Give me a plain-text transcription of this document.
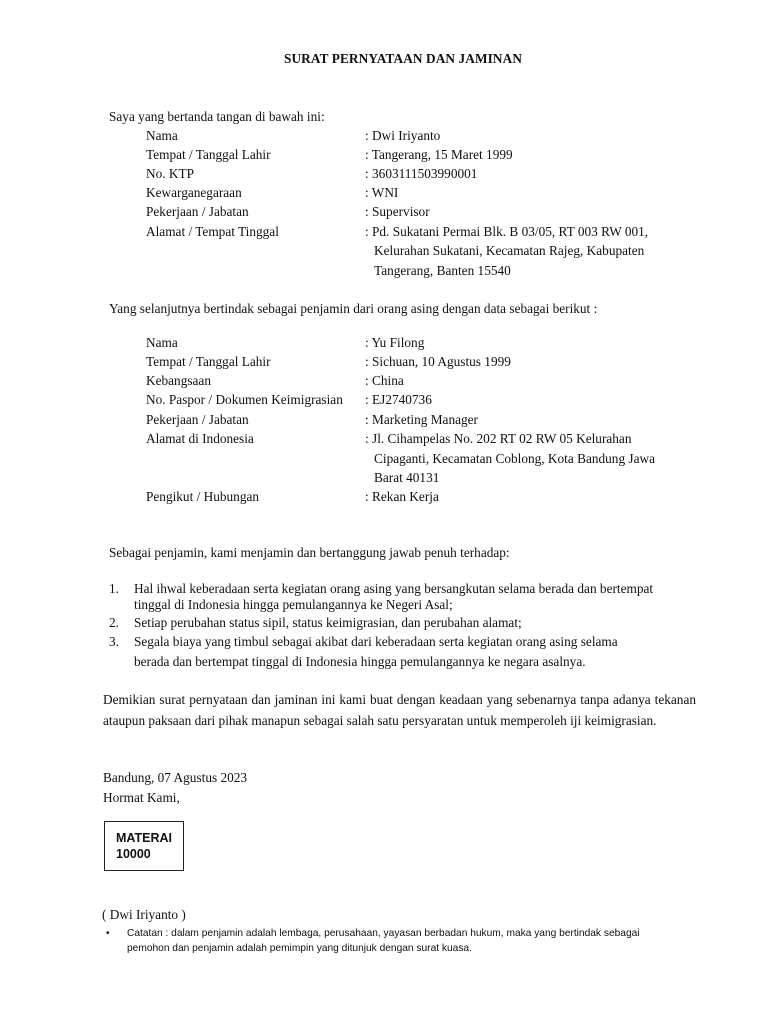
SURAT PERNYATAAN DAN JAMINAN
Saya yang bertanda tangan di bawah ini:
Nama	: Dwi Iriyanto
Tempat / Tanggal Lahir	: Tangerang, 15 Maret 1999
No. KTP	: 3603111503990001
Kewarganegaraan	: WNI
Pekerjaan / Jabatan	: Supervisor
Alamat / Tempat Tinggal	: Pd. Sukatani Permai Blk. B 03/05, RT 003 RW 001,
Kelurahan Sukatani, Kecamatan Rajeg, Kabupaten
Tangerang, Banten 15540
Yang selanjutnya bertindak sebagai penjamin dari orang asing dengan data sebagai berikut :
Nama	: Yu Filong
Tempat / Tanggal Lahir	: Sichuan, 10 Agustus 1999
Kebangsaan	: China
No. Paspor / Dokumen Keimigrasian : EJ2740736
Pekerjaan / Jabatan	: Marketing Manager
Alamat di Indonesia	: Jl. Cihampelas No. 202 RT 02 RW 05 Kelurahan
Cipaganti, Kecamatan Coblong, Kota Bandung Jawa
Barat 40131
Pengikut / Hubungan	: Rekan Kerja
Sebagai penjamin, kami menjamin dan bertanggung jawab penuh terhadap:
1. Hal ihwal keberadaan serta kegiatan orang asing yang bersangkutan selama berada dan bertempat
tinggal di Indonesia hingga pemulangannya ke Negeri Asal;
2. Setiap perubahan status sipil, status keimigrasian, dan perubahan alamat;
3. Segala biaya yang timbul sebagai akibat dari keberadaan serta kegiatan orang asing selama
berada dan bertempat tinggal di Indonesia hingga pemulangannya ke negara asalnya.
Demikian surat pernyataan dan jaminan ini kami buat dengan keadaan yang sebenarnya tanpa adanya tekanan ataupun paksaan dari pihak manapun sebagai salah satu persyaratan untuk memperoleh iji keimigrasian.
Bandung, 07 Agustus 2023
Hormat Kami,
MATERAI
10000
( Dwi Iriyanto )
• Catatan : dalam penjamin adalah lembaga, perusahaan, yayasan berbadan hukum, maka yang bertindak sebagai
pemohon dan penjamin adalah pemimpin yang ditunjuk dengan surat kuasa.
